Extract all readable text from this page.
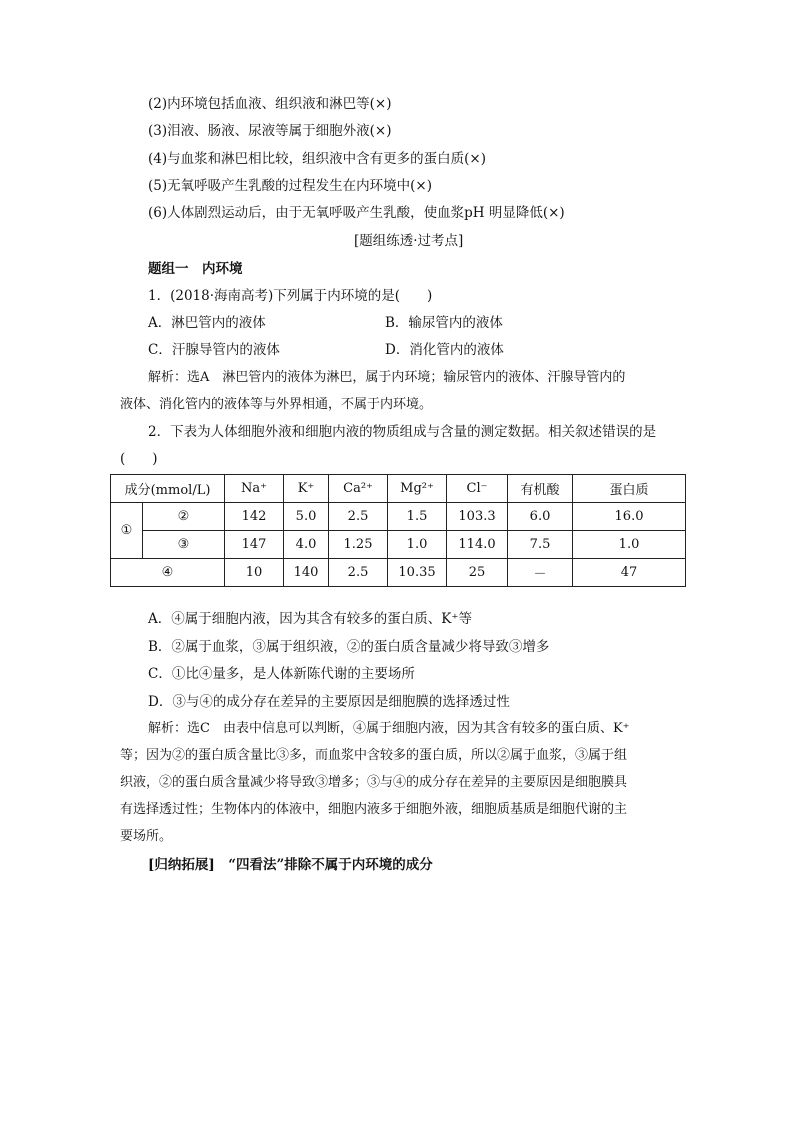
(2)内环境包括血液、组织液和淋巴等(×)
(3)泪液、肠液、尿液等属于细胞外液(×)
(4)与血浆和淋巴相比较，组织液中含有更多的蛋白质(×)
(5)无氧呼吸产生乳酸的过程发生在内环境中(×)
(6)人体剧烈运动后，由于无氧呼吸产生乳酸，使血浆pH 明显降低(×)
[题组练透·过考点]
题组一　内环境
1．(2018·海南高考)下列属于内环境的是(　　)
A．淋巴管内的液体	B．输尿管内的液体
C．汗腺导管内的液体	D．消化管内的液体
解析：选A　淋巴管内的液体为淋巴，属于内环境；输尿管内的液体、汗腺导管内的
液体、消化管内的液体等与外界相通，不属于内环境。
2．下表为人体细胞外液和细胞内液的物质组成与含量的测定数据。相关叙述错误的是
(　　)
成分(mmol/L)		Na⁺	K⁺	Ca²⁺	Mg²⁺	Cl⁻	有机酸	蛋白质
①	②	142	5.0	2.5	1.5	103.3	6.0	16.0
	③	147	4.0	1.25	1.0	114.0	7.5	1.0
④		10	140	2.5	10.35	25	－	47
A．④属于细胞内液，因为其含有较多的蛋白质、K⁺等
B．②属于血浆，③属于组织液，②的蛋白质含量减少将导致③增多
C．①比④量多，是人体新陈代谢的主要场所
D．③与④的成分存在差异的主要原因是细胞膜的选择透过性
解析：选C　由表中信息可以判断，④属于细胞内液，因为其含有较多的蛋白质、K⁺
等；因为②的蛋白质含量比③多，而血浆中含较多的蛋白质，所以②属于血浆，③属于组
织液，②的蛋白质含量减少将导致③增多；③与④的成分存在差异的主要原因是细胞膜具
有选择透过性；生物体内的体液中，细胞内液多于细胞外液，细胞质基质是细胞代谢的主
要场所。
[归纳拓展]　“四看法”排除不属于内环境的成分
